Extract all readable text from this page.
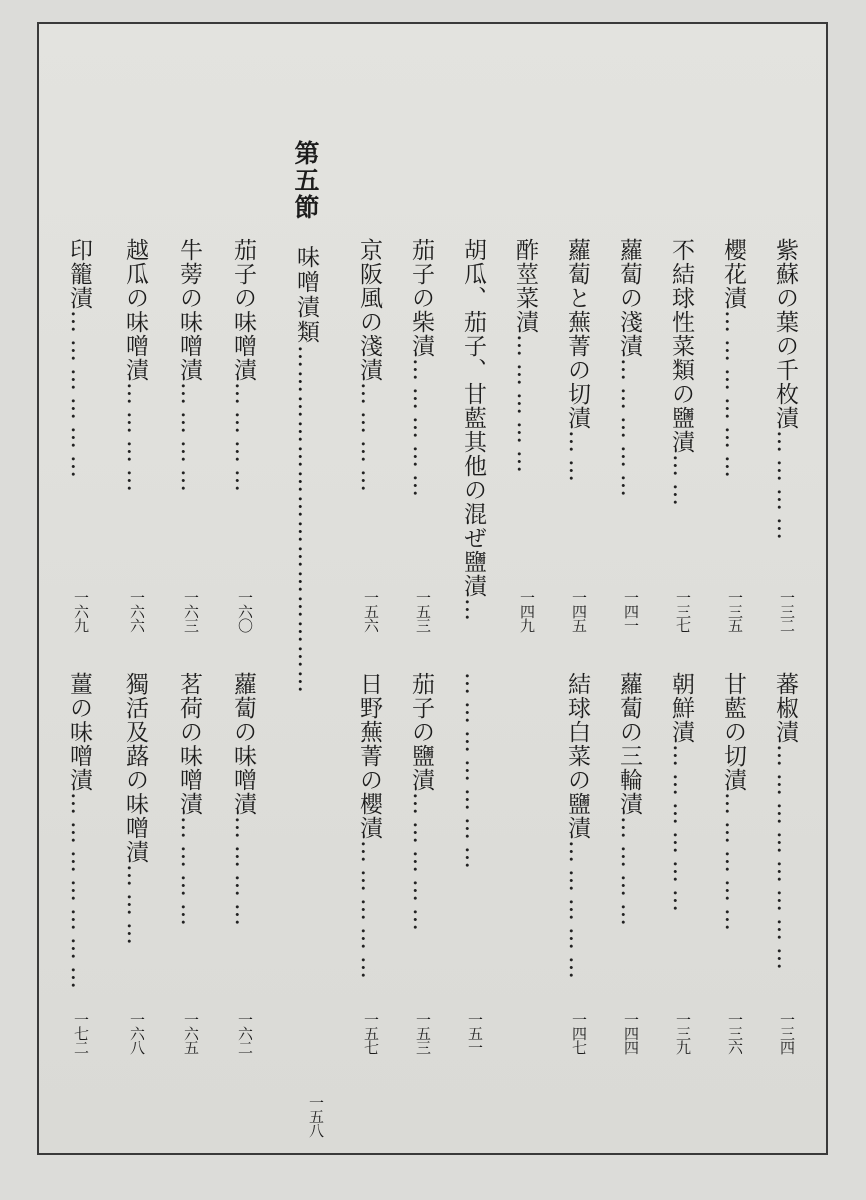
第五節
味噌漬類……………………………………
一五八
紫蘇の葉の千枚漬…………
一三二
櫻花漬………………
一三五
不結球性菜類の鹽漬……
一三七
蘿蔔の淺漬……………
一四一
蘿蔔と蕪菁の切漬……
一四五
酢莖菜漬……………
一四九
胡瓜、茄子、甘藍其他の混ぜ鹽漬…
茄子の柴漬……………
一五三
京阪風の淺漬…………
一五六
茄子の味噌漬…………
一六〇
牛蒡の味噌漬…………
一六三
越瓜の味噌漬…………
一六六
印籠漬………………
一六九
蕃椒漬……………………
一三四
甘藍の切漬……………
一三六
朝鮮漬………………
一三九
蘿蔔の三輪漬…………
一四四
結球白菜の鹽漬……………
一四七
…………………
一五一
茄子の鹽漬……………
一五三
日野蕪菁の櫻漬……………
一五七
蘿蔔の味噌漬…………
一六二
茗荷の味噌漬…………
一六五
獨活及蕗の味噌漬………
一六八
薑の味噌漬…………………
一七二
